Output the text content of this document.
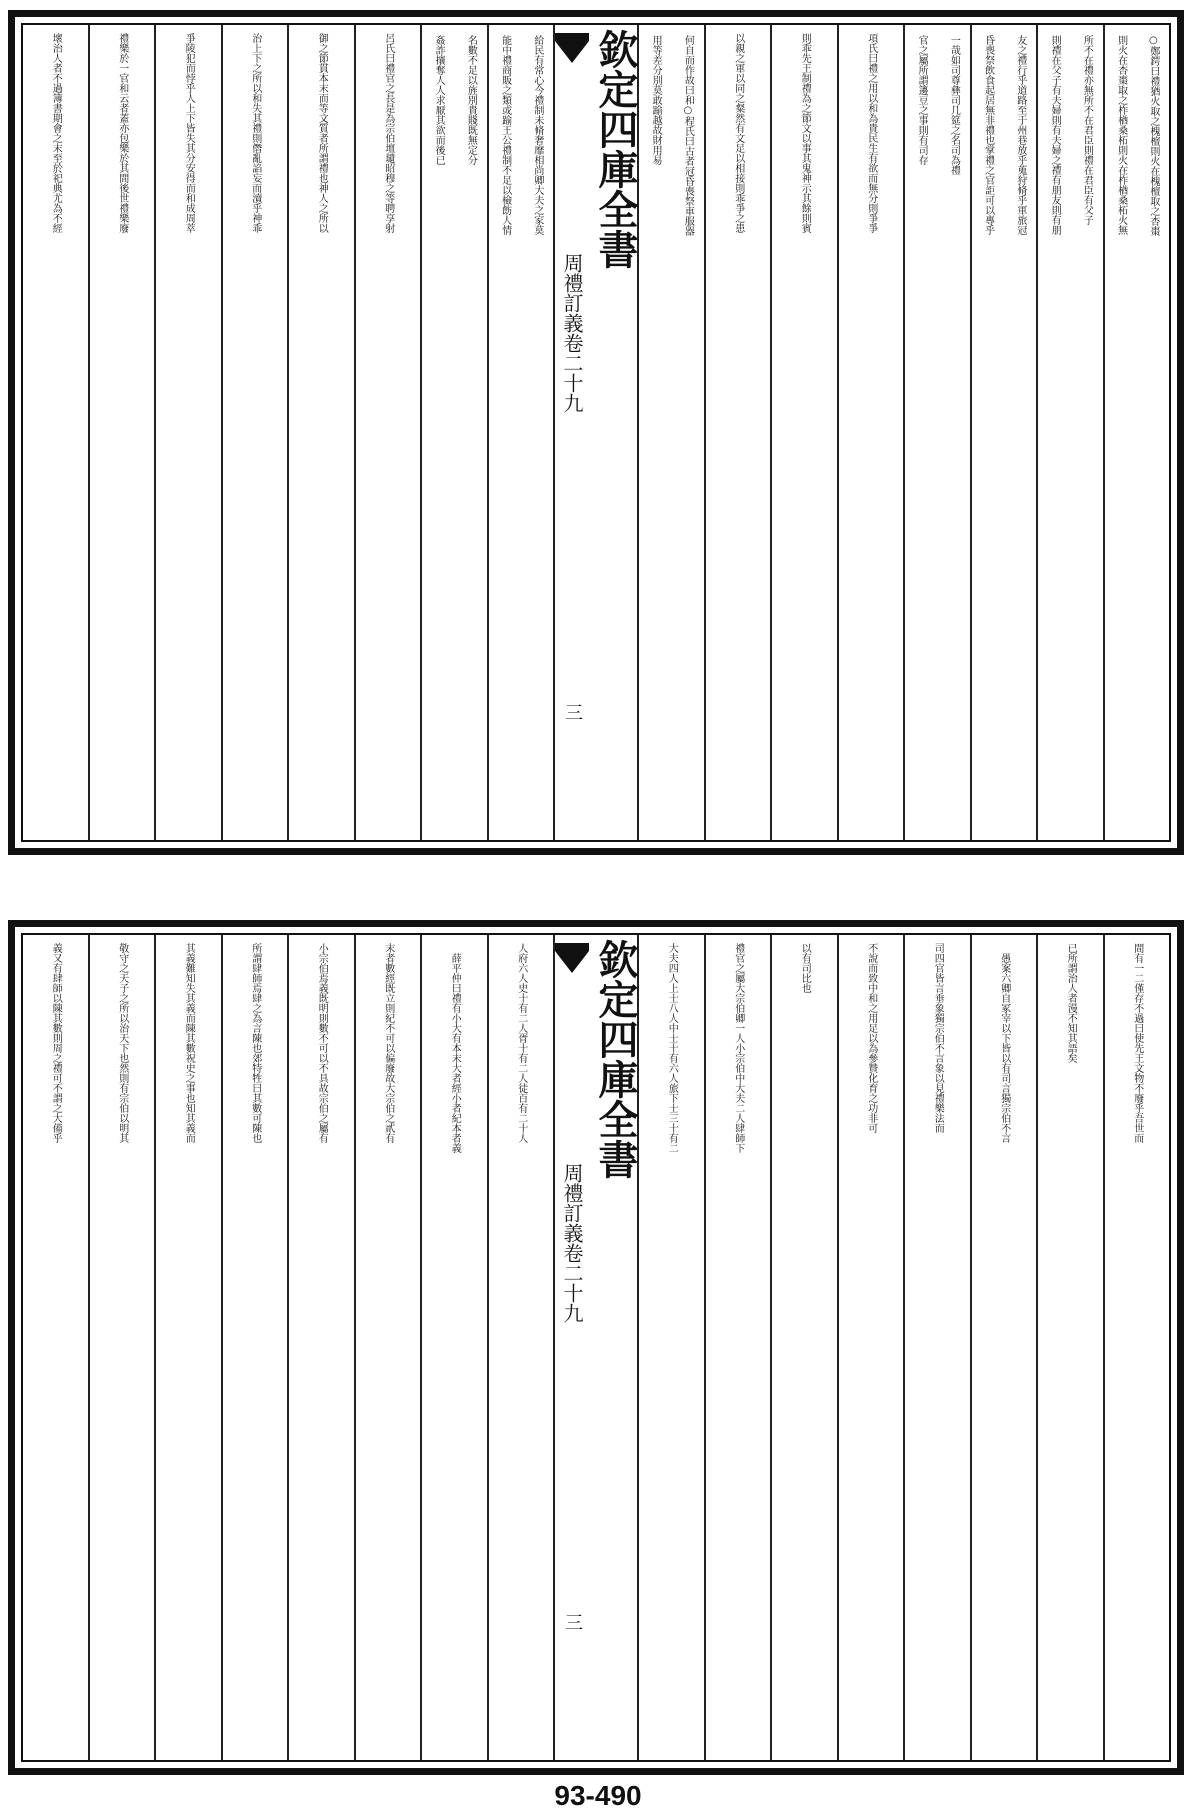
○鄭鍔曰禮猶火取之槐檀則火在槐檀取之杏棗
則火在杏棗取之柞楢桑柘則火在柞楢桑柘火無
所不在禮亦無所不在君臣則禮在君臣有父子
則禮在父子有夫婦則有夫婦之禮有朋友則有朋
友之禮行乎道路至于州巷放乎蒐狩脩乎軍旅冠
昏喪祭飲食起居無非禮也掌禮之官詎可以專乎
一哉如司尊彝司几筵之名司為禮
官之屬所謂籩豆之事則有司存
項氏曰禮之用以和為貴民生有欲而無分則爭爭
則乖先王制禮為之節文以事其鬼神示其餘則賓
以親之軍以同之粲然有文足以相接則乖爭之患
何自而作故曰和○程氏曰古者冠昏喪祭車服器
用等差分別莫敢踰越故財用易
欽定四庫全書
周禮訂義卷二十九
三
給民有常心今禮制未脩奢靡相尚卿大夫之家莫
能中禮商販之類或踰王公禮制不足以檢飭人情
名數不足以旌別貴賤既無定分
姦詐攘奪人人求厭其欲而後已
呂氏曰禮官之長是為宗伯壇壝昭穆之等聘享射
御之節貫本末而等文質者所謂禮也神人之所以
治上下之所以和失其禮則僭亂諂妄而瀆乎神乖
爭陵犯而悖乎人上下皆失其分安得而和成周萃
禮樂於一官和云者蓋亦包樂於其間後世禮樂廢
壞治人者不過簿書期會之末至於祀典尤為不經
間有一二僅存不過曰使先王文物不廢乎吾世而
已所謂治人者漫不知其語矣
　愚案六卿自冢宰以下皆以有司言獨宗伯不言
司四官皆言垂象獨宗伯不言象以見禮樂法而
不說而致中和之用足以為參贊化育之功非可
以有司比也
禮官之屬大宗伯卿一人小宗伯中大夫二人肆師下
大夫四人上士八人中士十有六人旅下士三十有二
欽定四庫全書
周禮訂義卷二十九
三
人府六人史十有二人胥十有二人徒百有二十人
　薛平仲曰禮有小大有本末大者經小者紀本者義
末者數經既立則紀不可以偏廢故大宗伯之貳有
小宗伯焉義既明則數不可以不具故宗伯之屬有
所謂肆師焉肆之為言陳也郊特牲曰其數可陳也
其義難知失其義而陳其數祝史之事也知其義而
敬守之天子之所以治天下也然則有宗伯以明其
義又有肆師以陳其數則周之禮可不謂之大備乎
93-490
